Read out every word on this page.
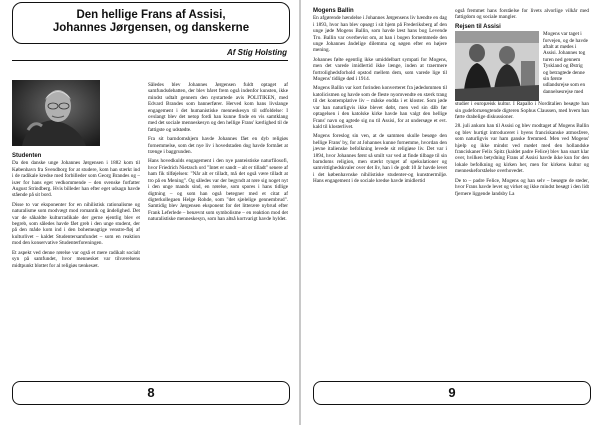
Den hellige Frans af Assisi,
Johannes Jørgensen, og danskerne
Af Stig Holsting
Studenten

Da den danske unge Johannes Jørgensen i 1882 kom til København fra Svendborg for at studere, kom han stærkt ind i de radikale kredse med forbilleder som Georg Brandes og – især for hans eget vedkommende – den svenske forfatter August Strindberg. Hvis billeder han efter eget udsagn havde stående på sit bord.

Disse to var eksponenter for en nihilistisk rationalisme og naturalisme som modvægt mod romantik og åndelighed. Det var de såkaldte kulturradikale der gerne ejentlig blev et begreb, som således havde fået greb i den unge student, der på den måde kom ind i den bohemeagtige venstre-fløj af kulturlivet – kaldet Studentersamfundet – som en reaktion mod den konservative Studenterforeningen.

Et aspekt ved denne rørelse var også et mere radikalt socialt syn på samfundet, hvor mennesket var tilværelsens midtpunkt blottet for al religiøs tænkesæt.

Således blev Johannes Jørgensen fuldt optaget af samfundsdebatten, der blev båret frem også indenfor kunsten, ikke mindst udtalt gennem den nystartede avis POLITIKEN, med Edvard Brandes som bannerfører. Herved kom hans livslange engagement i det humanistiske menneskesyn til udfoldelse: I ovslangt blev det netop fordi han kunne finde en vis samtklang med det sociale menneskesyn og den hellige Frans' kærlighed til de fattigste og udstødte.

Fra sit barndomshjem havde Johannes fået en dyb religiøs fornemmelse, som det nye liv i hovedstaden dog havde formået at trænge i baggrunden.

Hans hovedkulds engagement i den nye panteistiske naturfilosofi, hvor Friedrich Nietzsch ord "Intet er sandt – alt er tilladt" senere af ham fik tilføjelsen: "Når alt er tilladt, må det også være tilladt at tro på en Mening". Og således var der begyndt at røre sig noget nyt i den unge mands sind, en rørelse, som spores i hans tidlige digtning – og som han også betegner med et citat af digterkollegaen Helge Rohde, som "det sjælelige gennembrud". Samtidig blev Jørgensen eksponent for det litterære nybrud efter Frank Leferlede – benævnt som symbolisme – en reaktion mod det naturalistiske menneskesyn, som han altså kortvarigt havde hyldet.

8
Mogens Ballin

En afgørende hændelse i Johannes Jørgensens liv hændte en dag i 1893, hvor han blev opsøgt i sit hjem på Frederiksberg af den unge jøde Mogens Ballin, som havde læst hans bog Levende Tro. Ballin var overbevist om, at han i bogen fornemmede den unge Johannes åndelige dilemma og søgen efter en højere mening.

Johannes følte egentlig ikke umiddelbart sympati for Mogens, men det varede imidlertid ikke længe, inden at traermere fortrolighedsforhold opstod mellem dem, som varede lige til Mogens' tidlige død i 1914.

Mogens Ballin var kort forinden konverteret fra jødedommen til katolicismen og havde som de fleste nyomvendte en stærk trang til det kontemplative liv – måske endda i et kloster. Som jøde var han naturligvis ikke blevet døbt, men ved sin dåb før optagelsen i den katolske kirke havde han valgt den hellige Frans' navn og agtede sig nu til Assisi, for at undersøge et evt. kald til klosterlivet.

Mogens foreslog sin ven, at de sammen skulle besøge den hellige Frans' by, for at Johannes kunne fornemme, hvordan den jævne italienske befolkning levede sit religiøse liv. Det var i 1894, hvor Johannes først så smilt var ved at finde tilbage til sin barndoms religion, men stærkt tynget af spekulationer og samvittighedskvaler over det liv, han i de godt 10 år havde levet i det københavnske nihilistiske studenter-og kunstnermiljø. Hans engagement i de sociale kredse havde imidlertid

også fremmet hans forståelse for livets alvorlige vilkår med fattigdom og sociale mangler.

Rejsen til Assisi
Mogens var taget i forvejen, og de havde aftalt at mødes i Assisi. Johannes tog turen ned gennem Tyskland og Østrig og betragtede denne sin første udlandsrejse som en dannelsesrejse med

studier i europæisk kultur. I Rapallo i Norditalien besøgte han sin gudefornængtende digteren Sophus Claussen, med hvem han førte drabelige diskussioner.

28. juli ankom han til Assisi og blev modtaget af Mogens Ballin og blev hurtigt introduceret i byens franciskanske atmosfære, som naturligvis var ham ganske fremmed. Men ved Mogens' hjælp og ikke mindst ved mødet med den hollandske franciskaner Felix Spitz (kaldet padre Felice) blev han snart klar over, hvilken betydning Frans af Assisi havde ikke kun for den lokale befolkning og kirken her, men for kirkens kultur og menneskeforståelse overhovedet.

De to – padre Felice, Mogens og han selv – besøgte de steder, hvor Frans havde levet og virket og ikke mindst besøgt i den lidt fjernere liggende landsby La

9
